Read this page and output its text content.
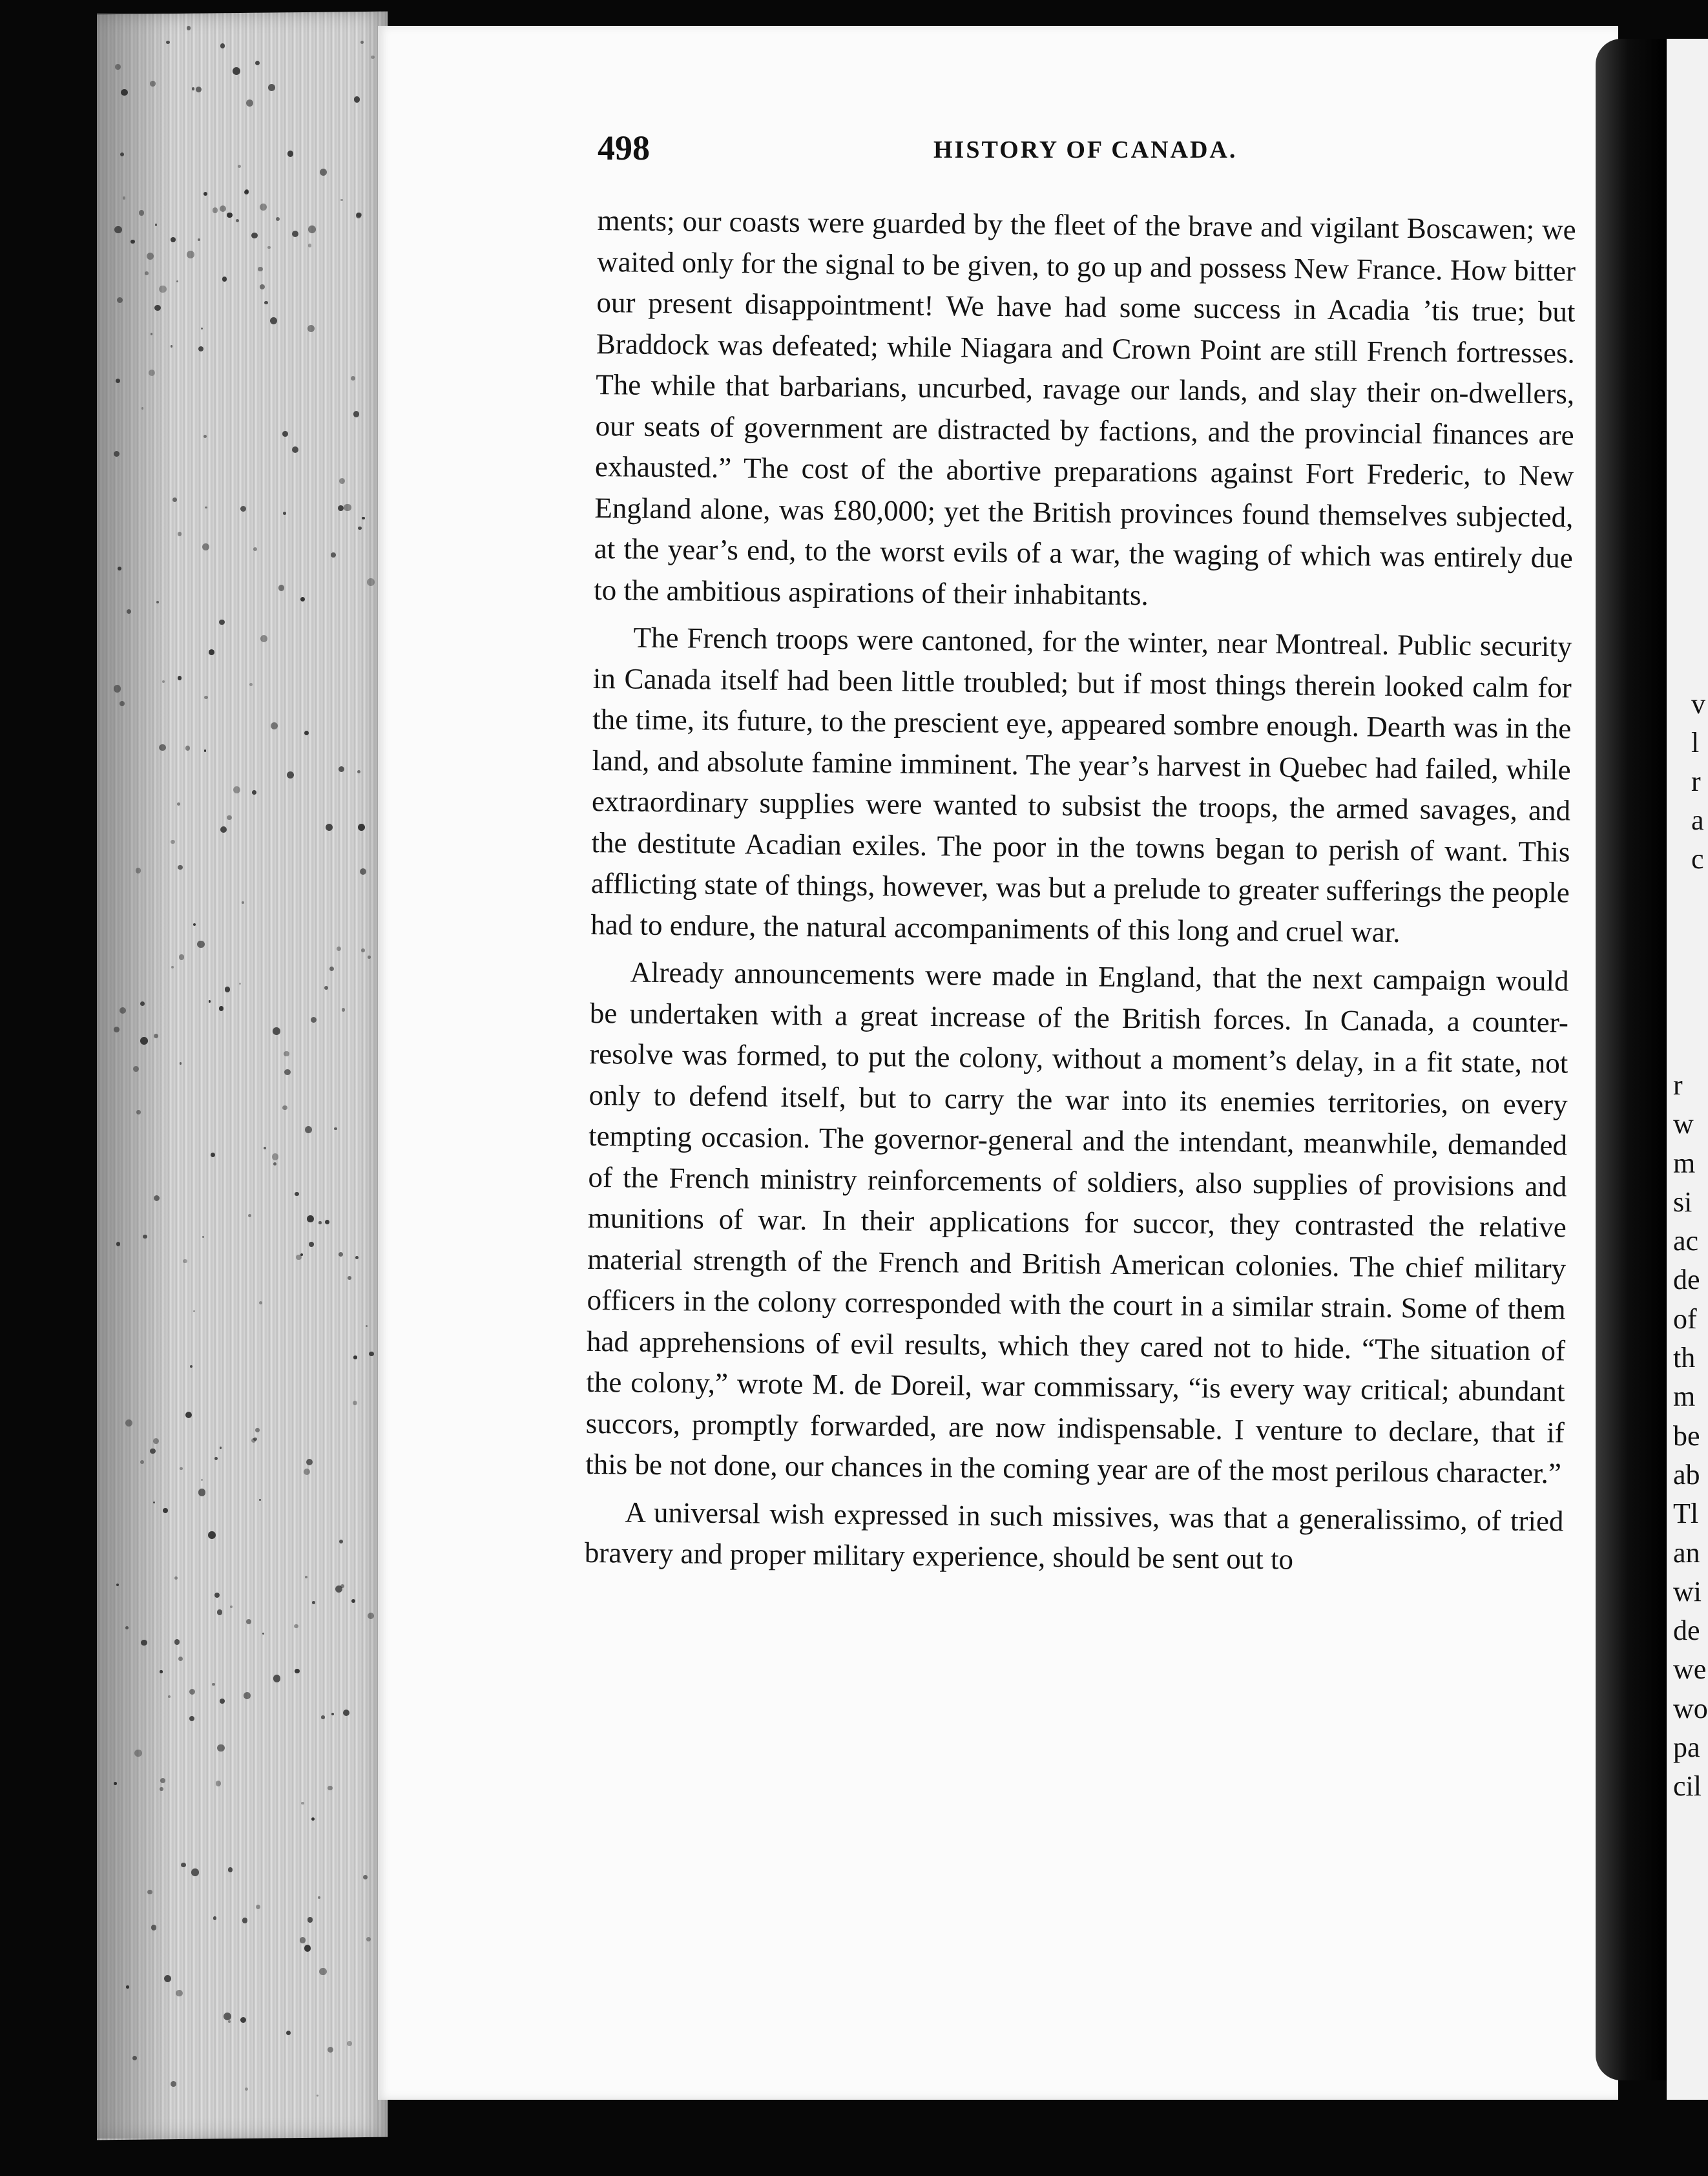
498	HISTORY OF CANADA.

ments; our coasts were guarded by the fleet of the brave and vigilant Boscawen; we waited only for the signal to be given, to go up and possess New France. How bitter our present disappointment! We have had some success in Acadia ’tis true; but Braddock was defeated; while Niagara and Crown Point are still French fortresses. The while that barbarians, uncurbed, ravage our lands, and slay their on-dwellers, our seats of government are distracted by factions, and the provincial finances are exhausted.” The cost of the abortive preparations against Fort Frederic, to New England alone, was £80,000; yet the British provinces found themselves subjected, at the year’s end, to the worst evils of a war, the waging of which was entirely due to the ambitious aspirations of their inhabitants.

The French troops were cantoned, for the winter, near Montreal. Public security in Canada itself had been little troubled; but if most things therein looked calm for the time, its future, to the prescient eye, appeared sombre enough. Dearth was in the land, and absolute famine imminent. The year’s harvest in Quebec had failed, while extraordinary supplies were wanted to subsist the troops, the armed savages, and the destitute Acadian exiles. The poor in the towns began to perish of want. This afflicting state of things, however, was but a prelude to greater sufferings the people had to endure, the natural accompaniments of this long and cruel war.

Already announcements were made in England, that the next campaign would be undertaken with a great increase of the British forces. In Canada, a counter-resolve was formed, to put the colony, without a moment’s delay, in a fit state, not only to defend itself, but to carry the war into its enemies territories, on every tempting occasion. The governor-general and the intendant, meanwhile, demanded of the French ministry reinforcements of soldiers, also supplies of provisions and munitions of war. In their applications for succor, they contrasted the relative material strength of the French and British American colonies. The chief military officers in the colony corresponded with the court in a similar strain. Some of them had apprehensions of evil results, which they cared not to hide. “The situation of the colony,” wrote M. de Doreil, war commissary, “is every way critical; abundant succors, promptly forwarded, are now indispensable. I venture to declare, that if this be not done, our chances in the coming year are of the most perilous character.”

A universal wish expressed in such missives, was that a generalissimo, of tried bravery and proper military experience, should be sent out to

v
l
r
a
c
r
w
m
si
ac
de
of
th
m
be
ab
Tl
an
wi
de
we
wo
pa
cil
